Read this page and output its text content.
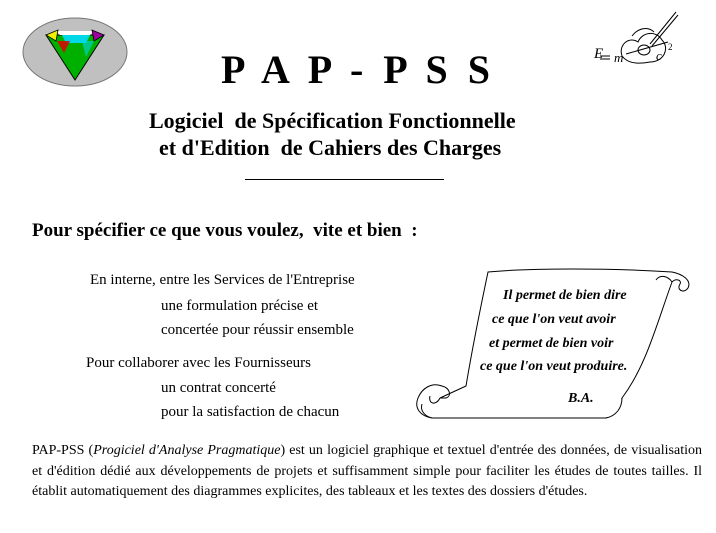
E m	c
2
P A P - P S S
Logiciel  de Spécification Fonctionnelle
et d'Edition  de Cahiers des Charges
Pour spécifier ce que vous voulez,  vite et bien  :
En interne, entre les Services de l'Entreprise
une formulation précise et
concertée pour réussir ensemble
Pour collaborer avec les Fournisseurs
un contrat concerté
pour la satisfaction de chacun
Il permet de bien dire
ce que l'on veut avoir
et permet de bien voir
ce que l'on veut produire.
B.A.

PAP-PSS (Progiciel d'Analyse Pragmatique) est un logiciel graphique et textuel d'entrée des données, de visualisation et d'édition dédié aux développements de projets et suffisamment simple pour faciliter les études de toutes tailles. Il établit automatiquement des diagrammes explicites, des tableaux et les textes des dossiers d'études.
